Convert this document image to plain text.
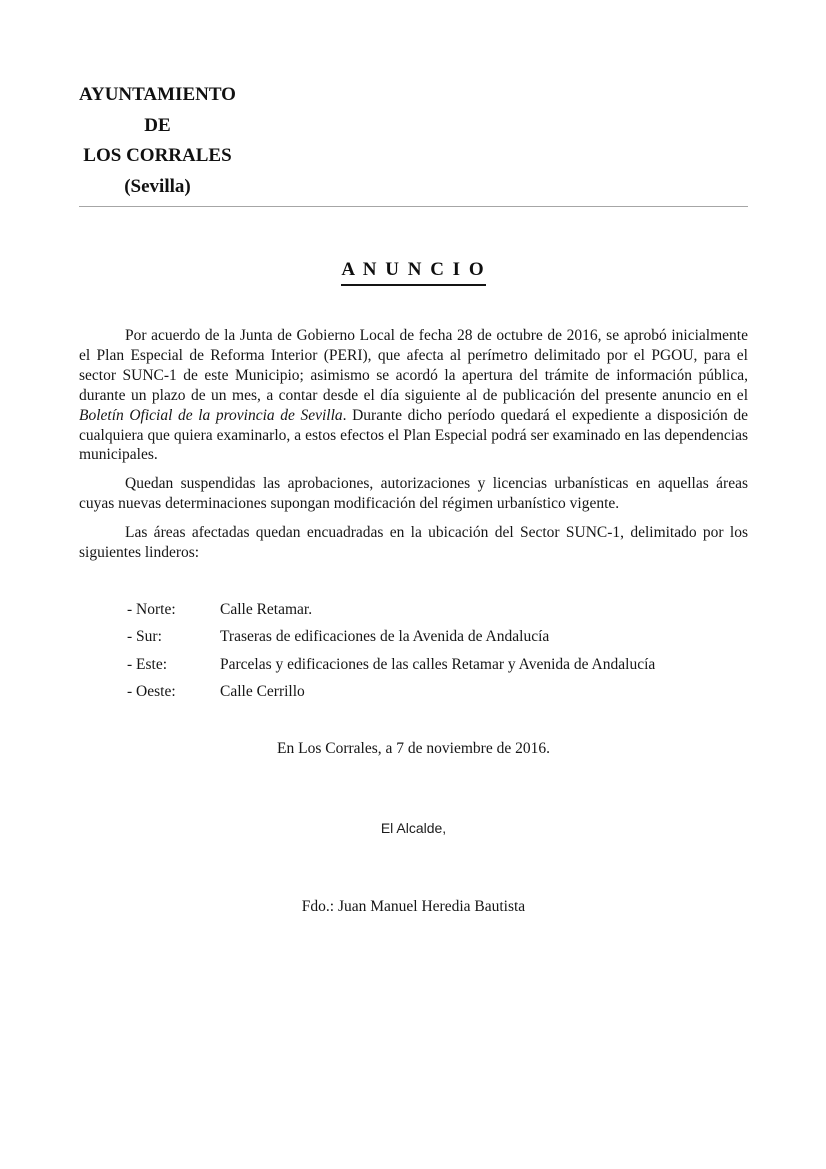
AYUNTAMIENTO
DE
LOS CORRALES
(Sevilla)
A N U N C I O

Por acuerdo de la Junta de Gobierno Local de fecha 28 de octubre de 2016, se aprobó inicialmente el Plan Especial de Reforma Interior (PERI), que afecta al perímetro delimitado por el PGOU, para el sector SUNC-1 de este Municipio; asimismo se acordó la apertura del trámite de información pública, durante un plazo de un mes, a contar desde el día siguiente al de publicación del presente anuncio en el Boletín Oficial de la provincia de Sevilla. Durante dicho período quedará el expediente a disposición de cualquiera que quiera examinarlo, a estos efectos el Plan Especial podrá ser examinado en las dependencias municipales.

Quedan suspendidas las aprobaciones, autorizaciones y licencias urbanísticas en aquellas áreas cuyas nuevas determinaciones supongan modificación del régimen urbanístico vigente.

Las áreas afectadas quedan encuadradas en la ubicación del Sector SUNC-1, delimitado por los siguientes linderos:

- Norte:	Calle Retamar.
- Sur:	Traseras de edificaciones de la Avenida de Andalucía
- Este:	Parcelas y edificaciones de las calles Retamar y Avenida de Andalucía
- Oeste:	Calle Cerrillo
En Los Corrales, a 7 de noviembre de 2016.
El Alcalde,
Fdo.: Juan Manuel Heredia Bautista
